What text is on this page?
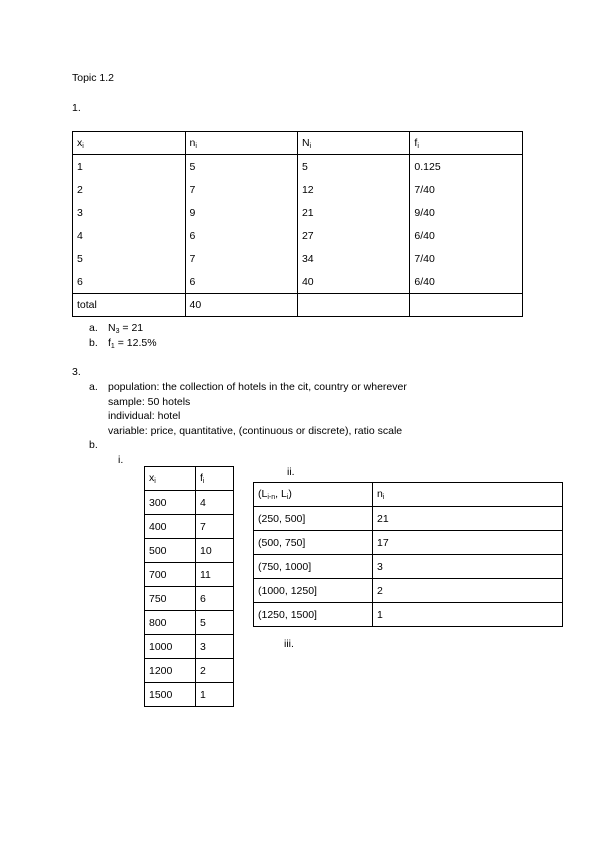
Topic 1.2
1.
$x_i$	$n_i$	$N_i$	$f_i$
1	5	5	0.125
2	7	12	7/40
3	9	21	9/40
4	6	27	6/40
5	7	34	7/40
6	6	40	6/40
total	40		
a. $N_3 = 21$
b. $f_1 = 12.5\%$
3.
a. population: the collection of hotels in the cit, country or wherever
sample: 50 hotels
individual: hotel
variable: price, quantitative, (continuous or discrete), ratio scale
b.
i.
ii.
iii.
$x_i$	$f_i$
300	4
400	7
500	10
700	11
750	6
800	5
1000	3
1200	2
1500	1
($L_{i-n}$, $L_i$)	$n_i$
(250, 500]	21
(500, 750]	17
(750, 1000]	3
(1000, 1250]	2
(1250, 1500]	1
